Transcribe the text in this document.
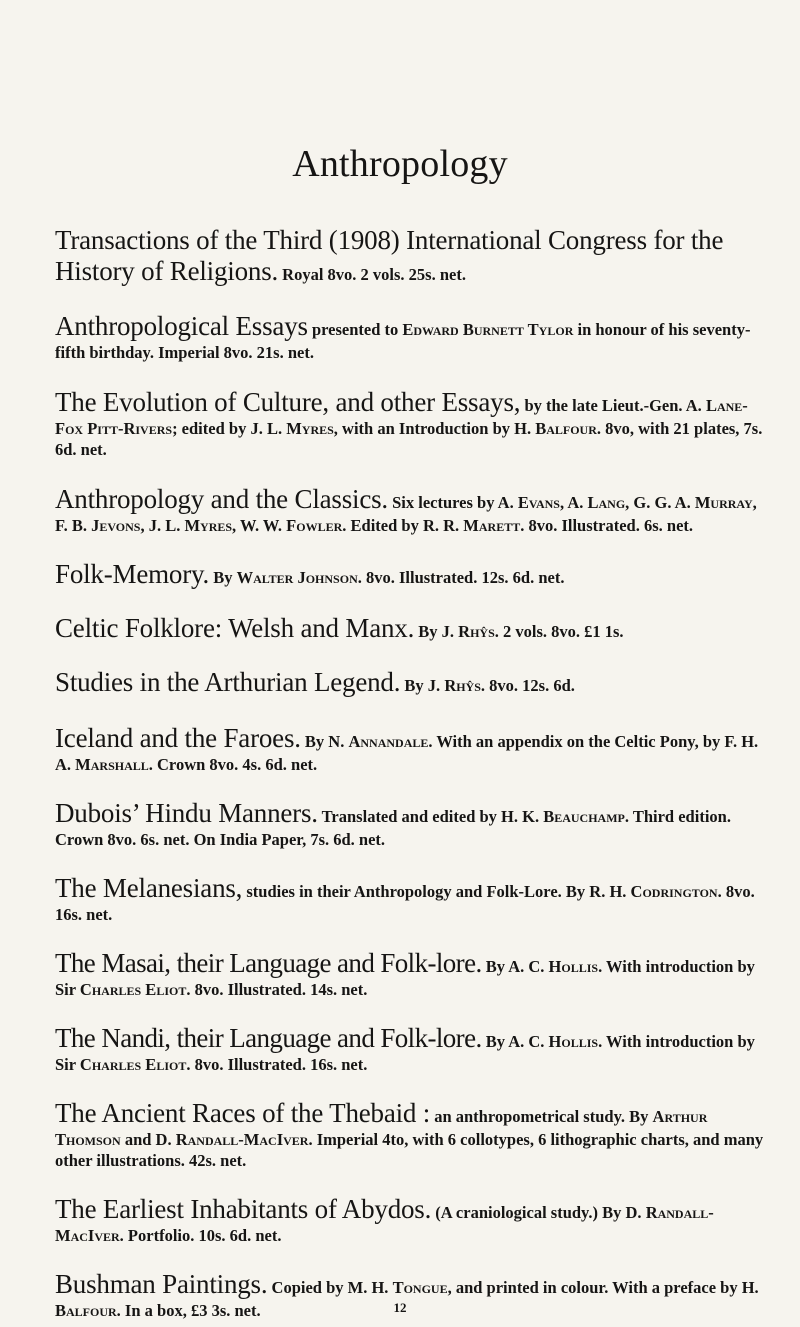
Anthropology

Transactions of the Third (1908) International Congress for the History of Religions. Royal 8vo. 2 vols. 25s. net.

Anthropological Essays presented to Edward Burnett Tylor in honour of his seventy-fifth birthday. Imperial 8vo. 21s. net.

The Evolution of Culture, and other Essays, by the late Lieut.-Gen. A. Lane-Fox Pitt-Rivers; edited by J. L. Myres, with an Introduction by H. Balfour. 8vo, with 21 plates, 7s. 6d. net.

Anthropology and the Classics. Six lectures by A. Evans, A. Lang, G. G. A. Murray, F. B. Jevons, J. L. Myres, W. W. Fowler. Edited by R. R. Marett. 8vo. Illustrated. 6s. net.

Folk-Memory. By Walter Johnson. 8vo. Illustrated. 12s. 6d. net.

Celtic Folklore: Welsh and Manx. By J. Rhŷs. 2 vols. 8vo. £1 1s.

Studies in the Arthurian Legend. By J. Rhŷs. 8vo. 12s. 6d.

Iceland and the Faroes. By N. Annandale. With an appendix on the Celtic Pony, by F. H. A. Marshall. Crown 8vo. 4s. 6d. net.

Dubois’ Hindu Manners. Translated and edited by H. K. Beauchamp. Third edition. Crown 8vo. 6s. net. On India Paper, 7s. 6d. net.

The Melanesians, studies in their Anthropology and Folk-Lore. By R. H. Codrington. 8vo. 16s. net.

The Masai, their Language and Folk-lore. By A. C. Hollis. With introduction by Sir Charles Eliot. 8vo. Illustrated. 14s. net.

The Nandi, their Language and Folk-lore. By A. C. Hollis. With introduction by Sir Charles Eliot. 8vo. Illustrated. 16s. net.

The Ancient Races of the Thebaid : an anthropometrical study. By Arthur Thomson and D. Randall-MacIver. Imperial 4to, with 6 collotypes, 6 lithographic charts, and many other illustrations. 42s. net.

The Earliest Inhabitants of Abydos. (A craniological study.) By D. Randall-MacIver. Portfolio. 10s. 6d. net.

Bushman Paintings. Copied by M. H. Tongue, and printed in colour. With a preface by H. Balfour. In a box, £3 3s. net.	12
